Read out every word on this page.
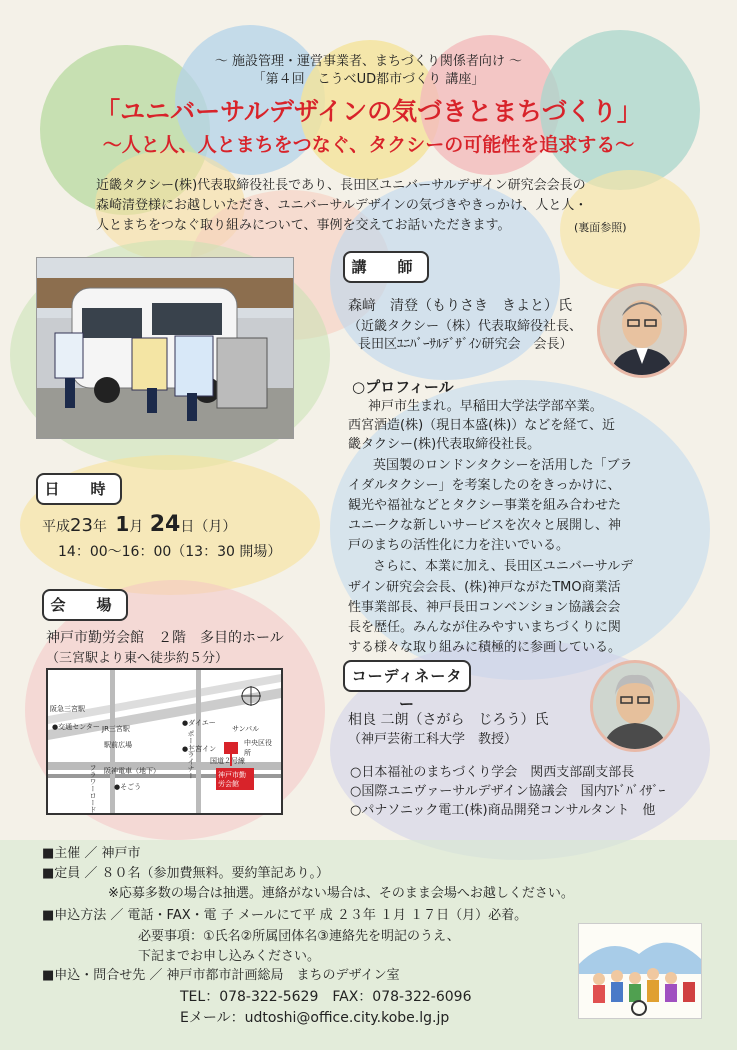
～ 施設管理・運営事業者、まちづくり関係者向け ～
「第４回　こうべUD都市づくり 講座」
「ユニバーサルデザインの気づきとまちづくり」
～人と人、人とまちをつなぐ、タクシーの可能性を追求する～
近畿タクシー(株)代表取締役社長であり、長田区ユニバーサルデザイン研究会会長の
森崎清登様にお越しいただき、ユニバーサルデザインの気づきやきっかけ、人と人・
人とまちをつなぐ取り組みについて、事例を交えてお話いただきます。	(裏面参照)
講　師
森﨑　清登（もりさき　きよと）氏
（近畿タクシー（株）代表取締役社長、
長田区ﾕﾆﾊﾞｰｻﾙﾃﾞｻﾞｲﾝ研究会　会長）
○プロフィール
神戸市生まれ。早稲田大学法学部卒業。
西宮酒造(株)（現日本盛(株)）などを経て、近
畿タクシー(株)代表取締役社長。
英国製のロンドンタクシーを活用した「ブラ
イダルタクシー」を考案したのをきっかけに、
観光や福祉などとタクシー事業を組み合わせた
ユニークな新しいサービスを次々と展開し、神
戸のまちの活性化に力を注いでいる。
さらに、本業に加え、長田区ユニバーサルデ
ザイン研究会会長、(株)神戸ながたTMO商業活
性事業部長、神戸長田コンベンション協議会会
長を歴任。みんなが住みやすいまちづくりに関
する様々な取り組みに積極的に参画している。
日　時
平成23年 1月 24日（月）
14：00～16：00（13：30 開場）
会　場
神戸市勤労会館　２階　多目的ホール
（三宮駅より東へ徒歩約５分）
阪急三宮駅
●交通センター JR三宮駅
駅前広場
●ダイエー
サンパル
●三宮イン
中央区役所
国道２号線
阪神電車（地下）
●そごう
神戸市勤労会館
ポートライナー
フラワーロード
コーディネーター
相良 二朗（さがら　じろう）氏
（神戸芸術工科大学　教授）
○日本福祉のまちづくり学会　関西支部副支部長
○国際ユニヴァーサルデザイン協議会　国内ｱﾄﾞﾊﾞｲｻﾞｰ
○パナソニック電工(株)商品開発コンサルタント　他
■主催 ／ 神戸市
■定員 ／ ８０名（参加費無料。要約筆記あり。）
※応募多数の場合は抽選。連絡がない場合は、そのまま会場へお越しください。
■申込方法 ／ 電話・FAX・電 子 メールにて平 成 ２３年 １月 １７日（月）必着。
必要事項：①氏名②所属団体名③連絡先を明記のうえ、
下記までお申し込みください。
■申込・問合せ先 ／ 神戸市都市計画総局　まちのデザイン室
TEL：078-322-5629　FAX：078-322-6096
Eメール：udtoshi@office.city.kobe.lg.jp
